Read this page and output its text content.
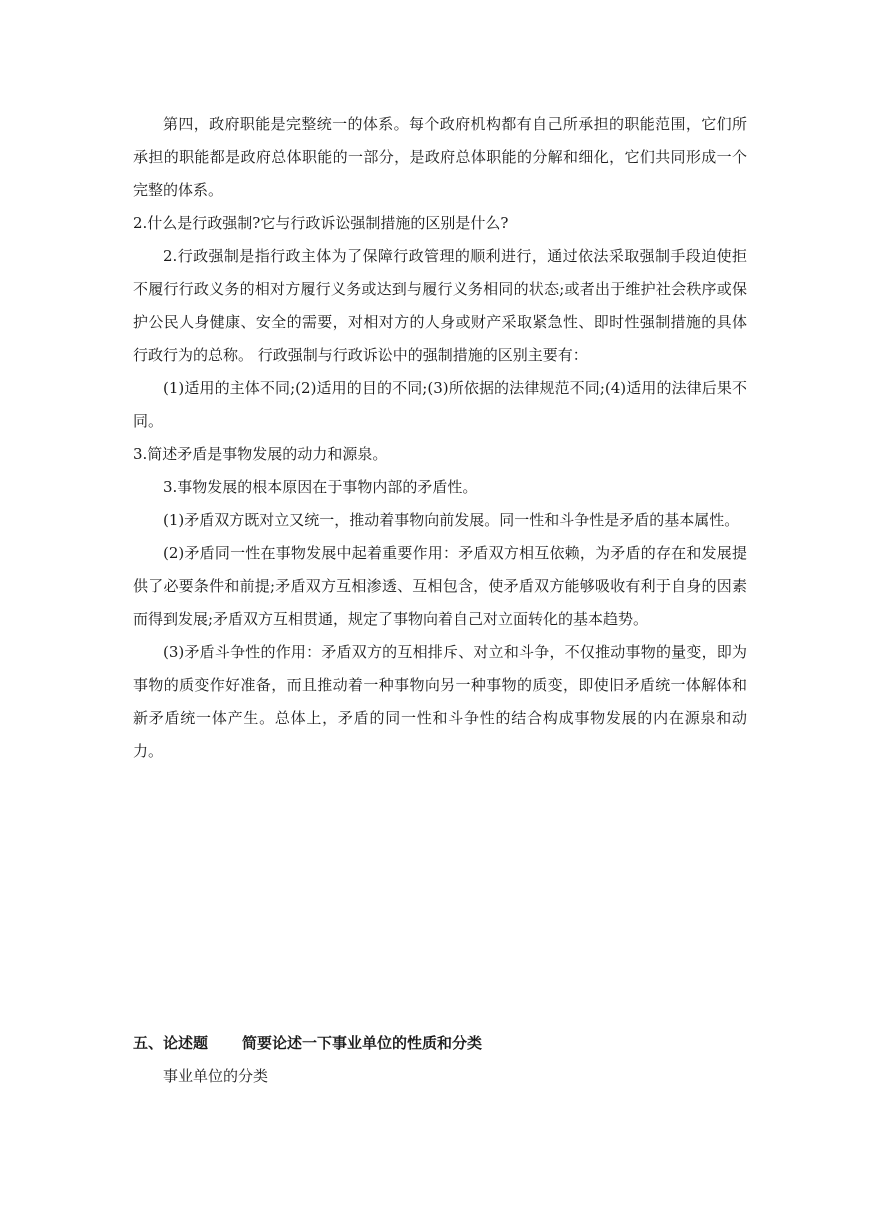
第四，政府职能是完整统一的体系。每个政府机构都有自己所承担的职能范围，它们所承担的职能都是政府总体职能的一部分，是政府总体职能的分解和细化，它们共同形成一个完整的体系。

2.什么是行政强制?它与行政诉讼强制措施的区别是什么?

2.行政强制是指行政主体为了保障行政管理的顺利进行，通过依法采取强制手段迫使拒不履行行政义务的相对方履行义务或达到与履行义务相同的状态;或者出于维护社会秩序或保护公民人身健康、安全的需要，对相对方的人身或财产采取紧急性、即时性强制措施的具体行政行为的总称。 行政强制与行政诉讼中的强制措施的区别主要有：

(1)适用的主体不同;(2)适用的目的不同;(3)所依据的法律规范不同;(4)适用的法律后果不同。

3.简述矛盾是事物发展的动力和源泉。

3.事物发展的根本原因在于事物内部的矛盾性。

(1)矛盾双方既对立又统一，推动着事物向前发展。同一性和斗争性是矛盾的基本属性。

(2)矛盾同一性在事物发展中起着重要作用：矛盾双方相互依赖，为矛盾的存在和发展提供了必要条件和前提;矛盾双方互相渗透、互相包含，使矛盾双方能够吸收有利于自身的因素而得到发展;矛盾双方互相贯通，规定了事物向着自己对立面转化的基本趋势。

(3)矛盾斗争性的作用：矛盾双方的互相排斥、对立和斗争，不仅推动事物的量变，即为事物的质变作好准备，而且推动着一种事物向另一种事物的质变，即使旧矛盾统一体解体和新矛盾统一体产生。总体上，矛盾的同一性和斗争性的结合构成事物发展的内在源泉和动力。

五、论述题 简要论述一下事业单位的性质和分类

事业单位的分类
